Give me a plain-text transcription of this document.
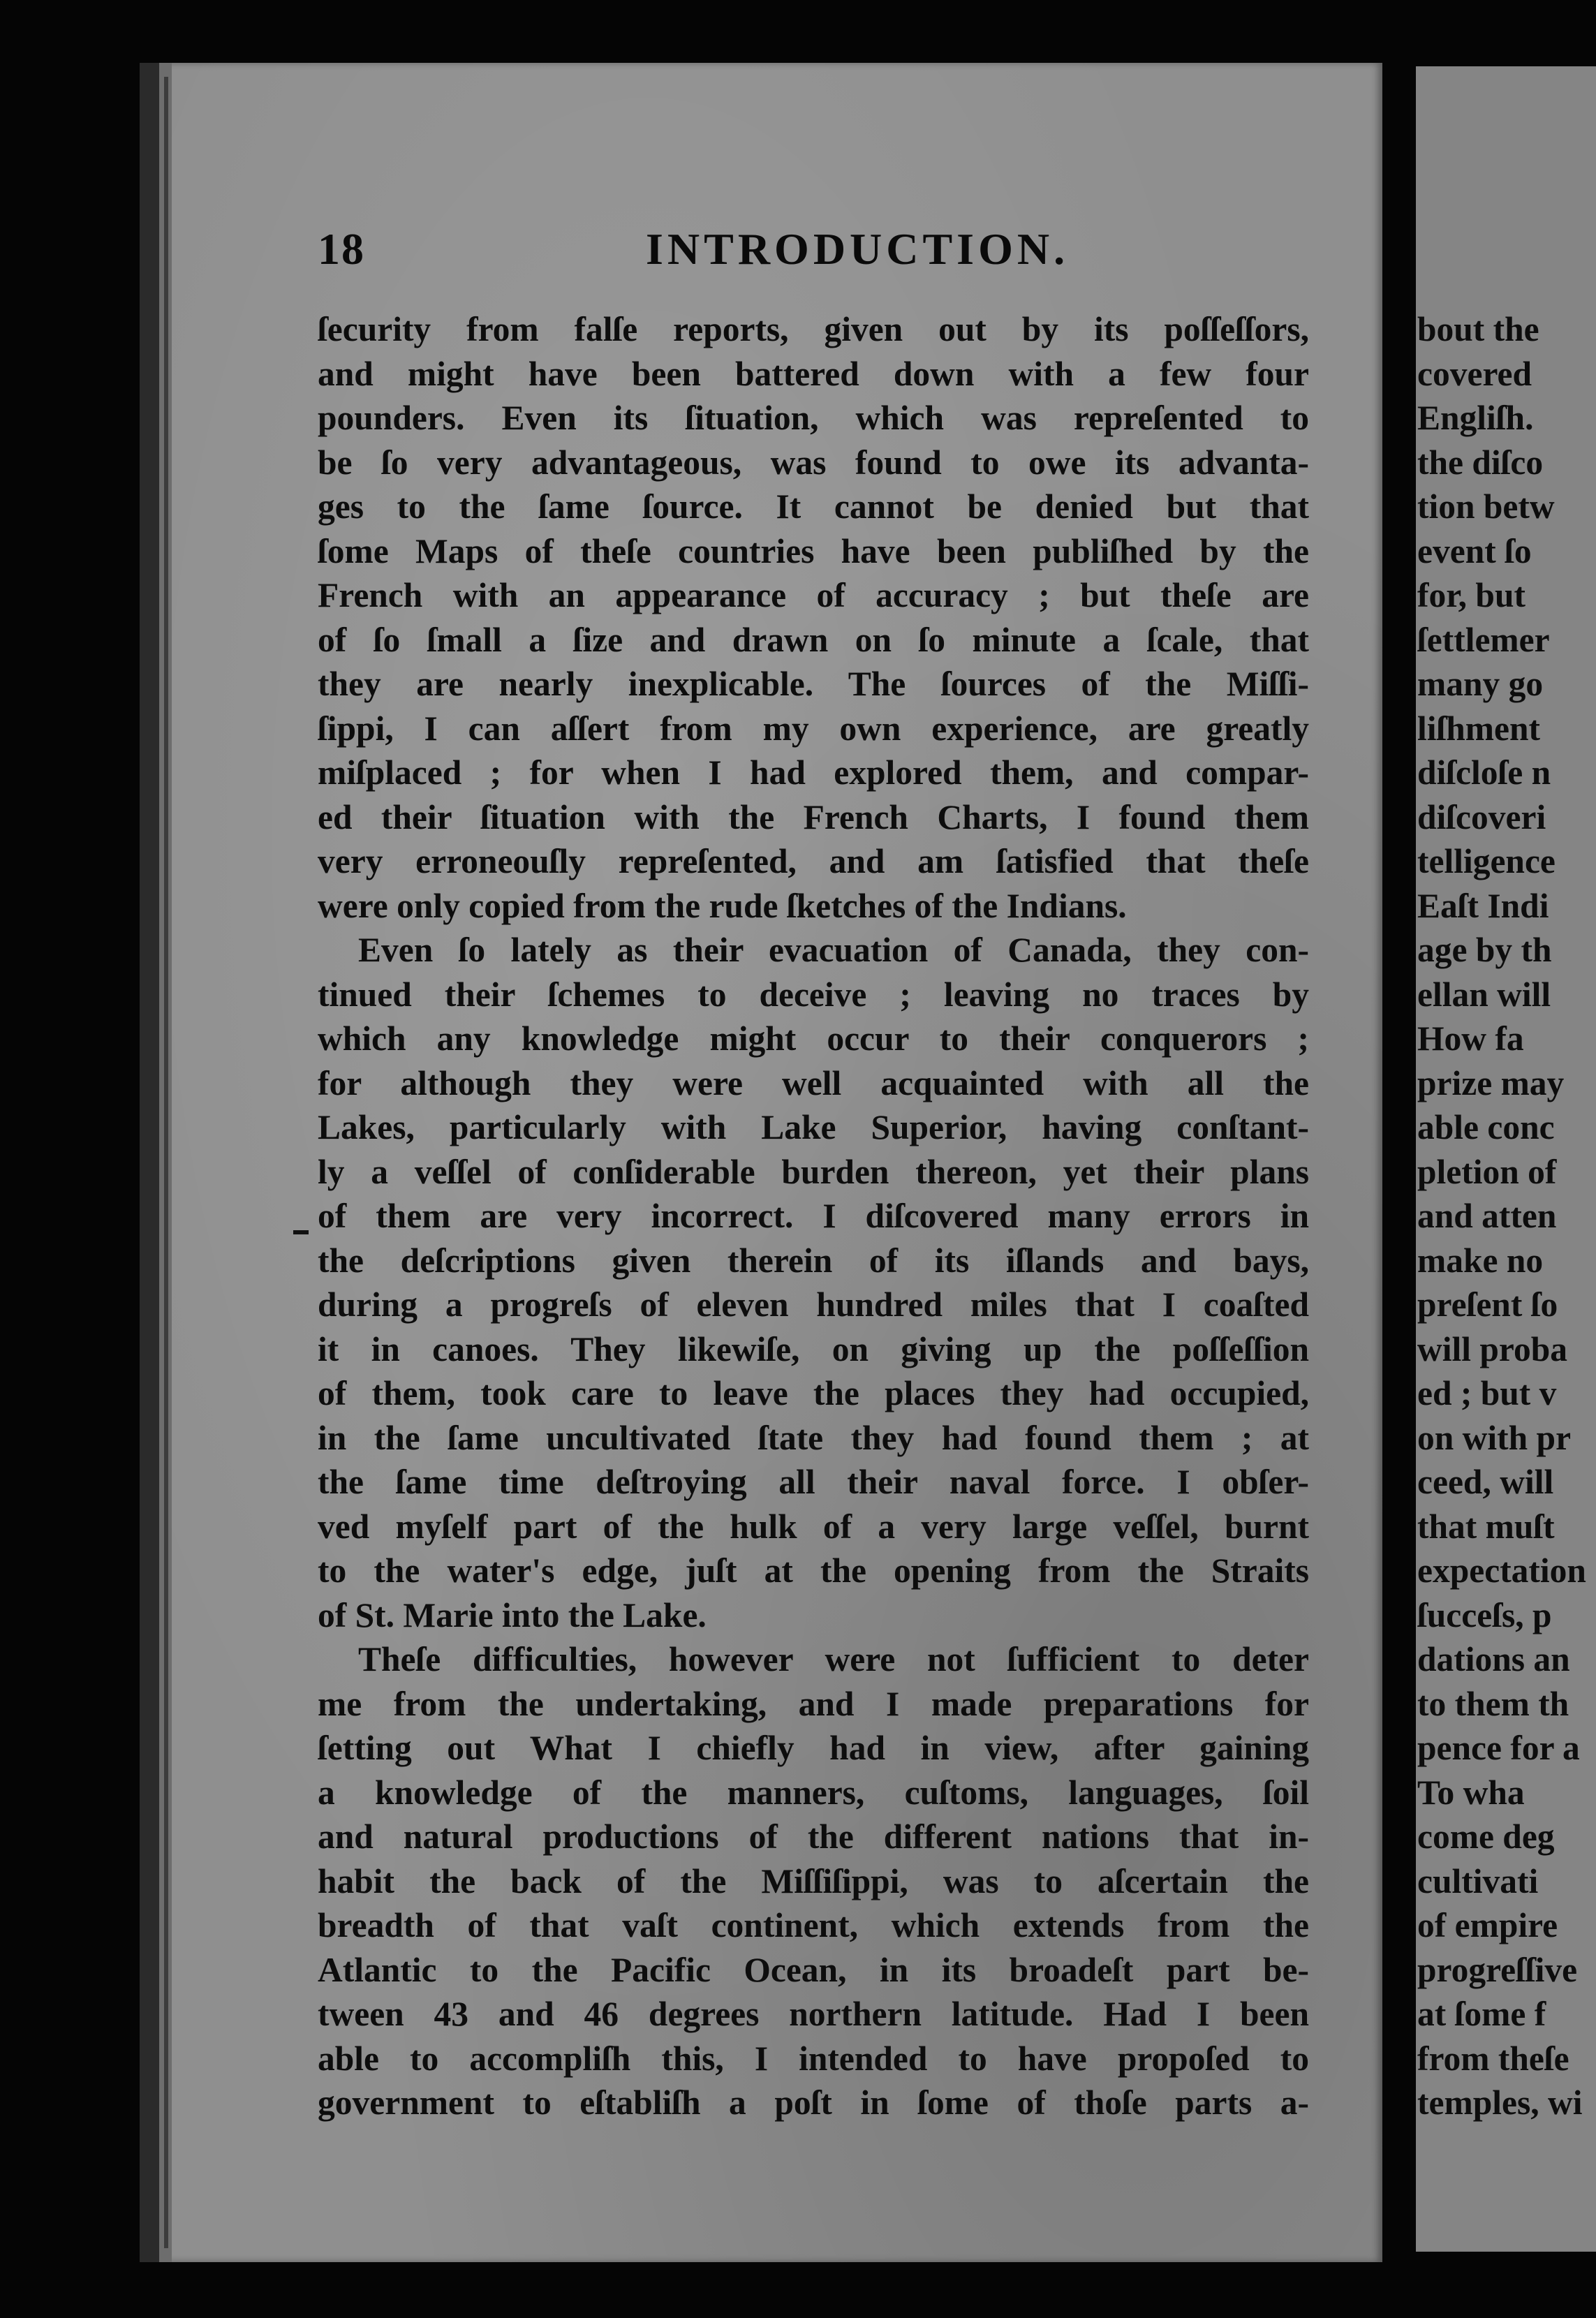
18	INTRODUCTION.
ſecurity from falſe reports, given out by its poſſeſſors,
and might have been battered down with a few four
pounders. Even its ſituation, which was repreſented to
be ſo very advantageous, was found to owe its advanta-
ges to the ſame ſource. It cannot be denied but that
ſome Maps of theſe countries have been publiſhed by the
French with an appearance of accuracy ; but theſe are
of ſo ſmall a ſize and drawn on ſo minute a ſcale, that
they are nearly inexplicable. The ſources of the Miſſi-
ſippi, I can aſſert from my own experience, are greatly
miſplaced ; for when I had explored them, and compar-
ed their ſituation with the French Charts, I found them
very erroneouſly repreſented, and am ſatisfied that theſe
were only copied from the rude ſketches of the Indians.
Even ſo lately as their evacuation of Canada, they con-
tinued their ſchemes to deceive ; leaving no traces by
which any knowledge might occur to their conquerors ;
for although they were well acquainted with all the
Lakes, particularly with Lake Superior, having conſtant-
ly a veſſel of conſiderable burden thereon, yet their plans
of them are very incorrect. I diſcovered many errors in
the deſcriptions given therein of its iſlands and bays,
during a progreſs of eleven hundred miles that I coaſted
it in canoes. They likewiſe, on giving up the poſſeſſion
of them, took care to leave the places they had occupied,
in the ſame uncultivated ſtate they had found them ; at
the ſame time deſtroying all their naval force. I obſer-
ved myſelf part of the hulk of a very large veſſel, burnt
to the water's edge, juſt at the opening from the Straits
of St. Marie into the Lake.
Theſe difficulties, however were not ſufficient to deter
me from the undertaking, and I made preparations for
ſetting out What I chiefly had in view, after gaining
a knowledge of the manners, cuſtoms, languages, ſoil
and natural productions of the different nations that in-
habit the back of the Miſſiſippi, was to aſcertain the
breadth of that vaſt continent, which extends from the
Atlantic to the Pacific Ocean, in its broadeſt part be-
tween 43 and 46 degrees northern latitude. Had I been
able to accompliſh this, I intended to have propoſed to
government to eſtabliſh a poſt in ſome of thoſe parts a-
bout the
covered
Engliſh.
the diſco
tion betw
event ſo
for, but
ſettlemer
many go
liſhment
diſcloſe n
diſcoveri
telligence
Eaſt Indi
age by th
ellan will
How fa
prize may
able conc
pletion of
and atten
make no
preſent ſo
will proba
ed ; but v
on with pr
ceed, will
that muſt
expectation
ſucceſs, p
dations an
to them th
pence for a
To wha
come deg
cultivati
of empire
progreſſive
at ſome f
from theſe
temples, wi
